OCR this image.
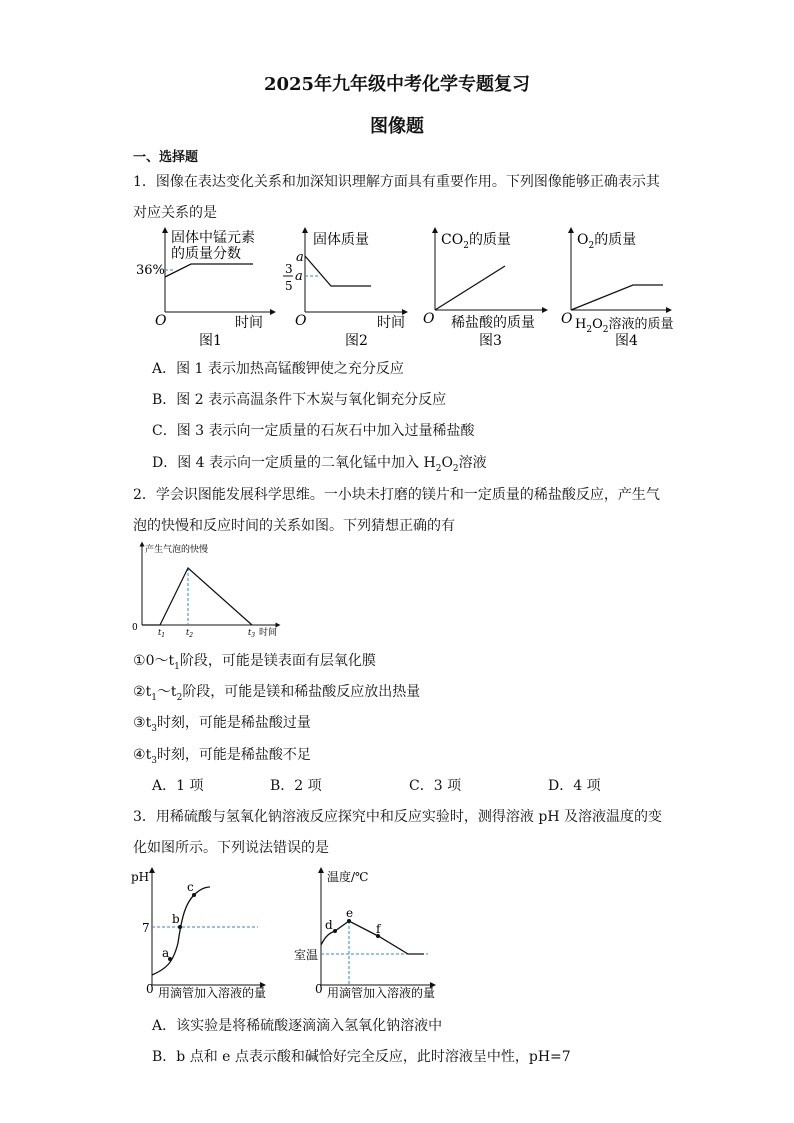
2025年九年级中考化学专题复习
图像题
一、选择题
1．图像在表达变化关系和加深知识理解方面具有重要作用。下列图像能够正确表示其
对应关系的是
固体中锰元素
的质量分数
36%
O	时间
图1
固体质量
a
3
5
a
O	时间
图2
$CO_2$的质量
O 稀盐酸的质量
图3
$O_2$的质量
O $H_2O_2$溶液的质量
图4
A．图 1 表示加热高锰酸钾使之充分反应
B．图 2 表示高温条件下木炭与氧化铜充分反应
C．图 3 表示向一定质量的石灰石中加入过量稀盐酸
D．图 4 表示向一定质量的二氧化锰中加入 $H_2O_2$溶液
2．学会识图能发展科学思维。一小块未打磨的镁片和一定质量的稀盐酸反应，产生气
泡的快慢和反应时间的关系如图。下列猜想正确的有
产生气泡的快慢
0	$t_1$	$t_2$	$t_3$ 时间
$①0\sim t_1$阶段，可能是镁表面有层氧化膜
$②t_1\sim t_2$阶段，可能是镁和稀盐酸反应放出热量
$③t_3$时刻，可能是稀盐酸过量
$④t_3$时刻，可能是稀盐酸不足
A．1 项	B．2 项	C．3 项	D．4 项
3．用稀硫酸与氢氧化钠溶液反应探究中和反应实验时，测得溶液 pH 及溶液温度的变
化如图所示。下列说法错误的是
pH
7
a
b
c
0 用滴管加入溶液的量
温度/℃
室温
d
e
f
0 用滴管加入溶液的量
A．该实验是将稀硫酸逐滴滴入氢氧化钠溶液中
B．b 点和 e 点表示酸和碱恰好完全反应，此时溶液呈中性，pH=7
